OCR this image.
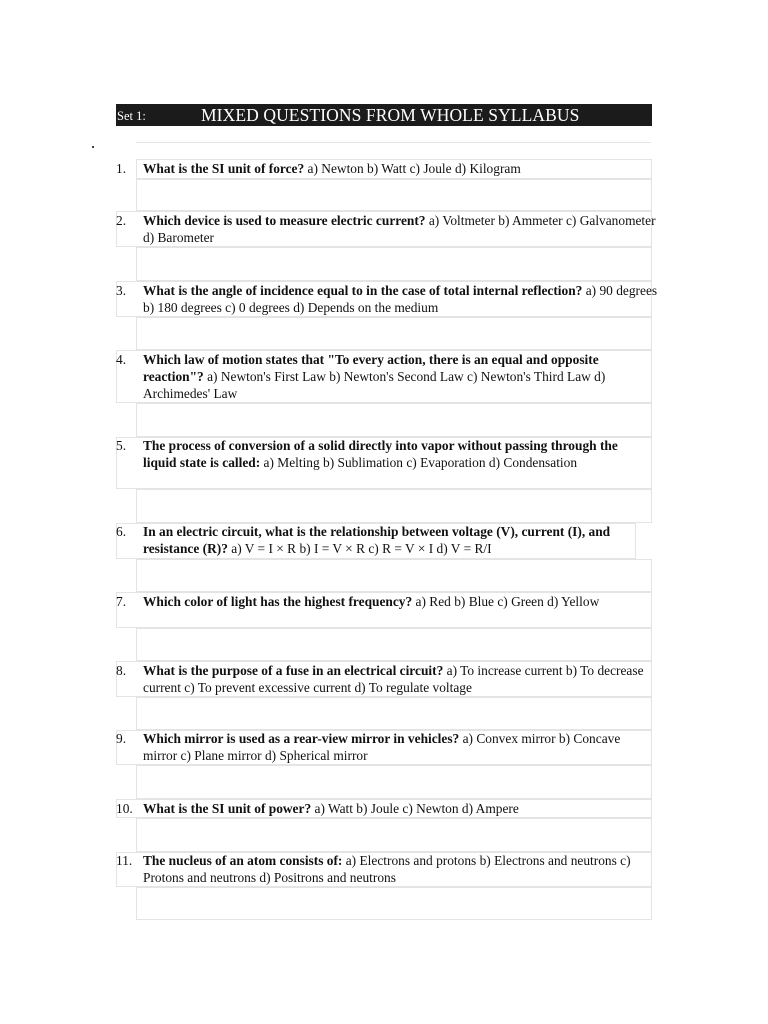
Set 1:	MIXED QUESTIONS FROM WHOLE SYLLABUS
1. What is the SI unit of force? a) Newton b) Watt c) Joule d) Kilogram
2. Which device is used to measure electric current? a) Voltmeter b) Ammeter c) Galvanometer d) Barometer
3. What is the angle of incidence equal to in the case of total internal reflection? a) 90 degrees b) 180 degrees c) 0 degrees d) Depends on the medium
4. Which law of motion states that "To every action, there is an equal and opposite reaction"? a) Newton's First Law b) Newton's Second Law c) Newton's Third Law d) Archimedes' Law
5. The process of conversion of a solid directly into vapor without passing through the liquid state is called: a) Melting b) Sublimation c) Evaporation d) Condensation
6. In an electric circuit, what is the relationship between voltage (V), current (I), and resistance (R)? a) V = I × R b) I = V × R c) R = V × I d) V = R/I
7. Which color of light has the highest frequency? a) Red b) Blue c) Green d) Yellow
8. What is the purpose of a fuse in an electrical circuit? a) To increase current b) To decrease current c) To prevent excessive current d) To regulate voltage
9. Which mirror is used as a rear-view mirror in vehicles? a) Convex mirror b) Concave mirror c) Plane mirror d) Spherical mirror
10. What is the SI unit of power? a) Watt b) Joule c) Newton d) Ampere
11. The nucleus of an atom consists of: a) Electrons and protons b) Electrons and neutrons c) Protons and neutrons d) Positrons and neutrons
